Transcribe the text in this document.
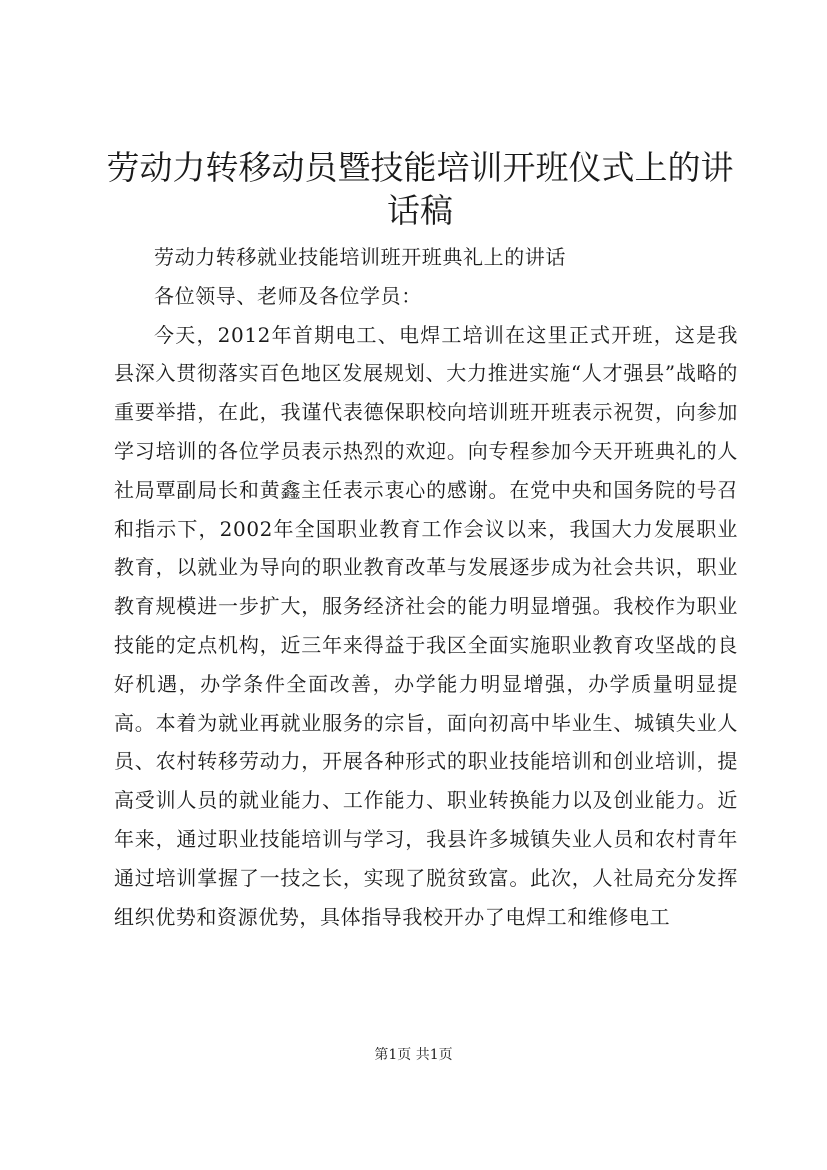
劳动力转移动员暨技能培训开班仪式上的讲话稿

劳动力转移就业技能培训班开班典礼上的讲话

各位领导、老师及各位学员：

今天，2012年首期电工、电焊工培训在这里正式开班，这是我县深入贯彻落实百色地区发展规划、大力推进实施“人才强县”战略的重要举措，在此，我谨代表德保职校向培训班开班表示祝贺，向参加学习培训的各位学员表示热烈的欢迎。向专程参加今天开班典礼的人社局覃副局长和黄鑫主任表示衷心的感谢。在党中央和国务院的号召和指示下，2002年全国职业教育工作会议以来，我国大力发展职业教育，以就业为导向的职业教育改革与发展逐步成为社会共识，职业教育规模进一步扩大，服务经济社会的能力明显增强。我校作为职业技能的定点机构，近三年来得益于我区全面实施职业教育攻坚战的良好机遇，办学条件全面改善，办学能力明显增强，办学质量明显提高。本着为就业再就业服务的宗旨，面向初高中毕业生、城镇失业人员、农村转移劳动力，开展各种形式的职业技能培训和创业培训，提高受训人员的就业能力、工作能力、职业转换能力以及创业能力。近年来，通过职业技能培训与学习，我县许多城镇失业人员和农村青年通过培训掌握了一技之长，实现了脱贫致富。此次，人社局充分发挥组织优势和资源优势，具体指导我校开办了电焊工和维修电工

第1页 共1页
